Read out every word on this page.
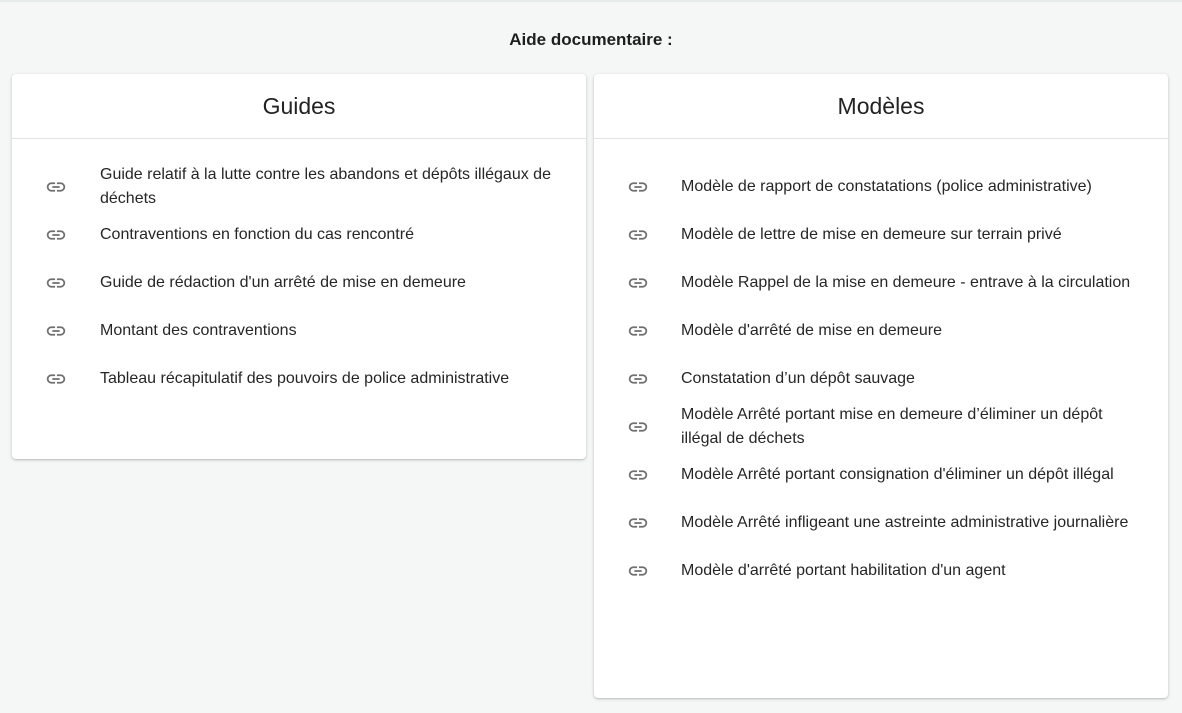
Aide documentaire :
Guides
Guide relatif à la lutte contre les abandons et dépôts illégaux de déchets
Contraventions en fonction du cas rencontré
Guide de rédaction d'un arrêté de mise en demeure
Montant des contraventions
Tableau récapitulatif des pouvoirs de police administrative
Modèles
Modèle de rapport de constatations (police administrative)
Modèle de lettre de mise en demeure sur terrain privé
Modèle Rappel de la mise en demeure - entrave à la circulation
Modèle d'arrêté de mise en demeure
Constatation d’un dépôt sauvage
Modèle Arrêté portant mise en demeure d’éliminer un dépôt illégal de déchets
Modèle Arrêté portant consignation d'éliminer un dépôt illégal
Modèle Arrêté infligeant une astreinte administrative journalière
Modèle d'arrêté portant habilitation d'un agent
